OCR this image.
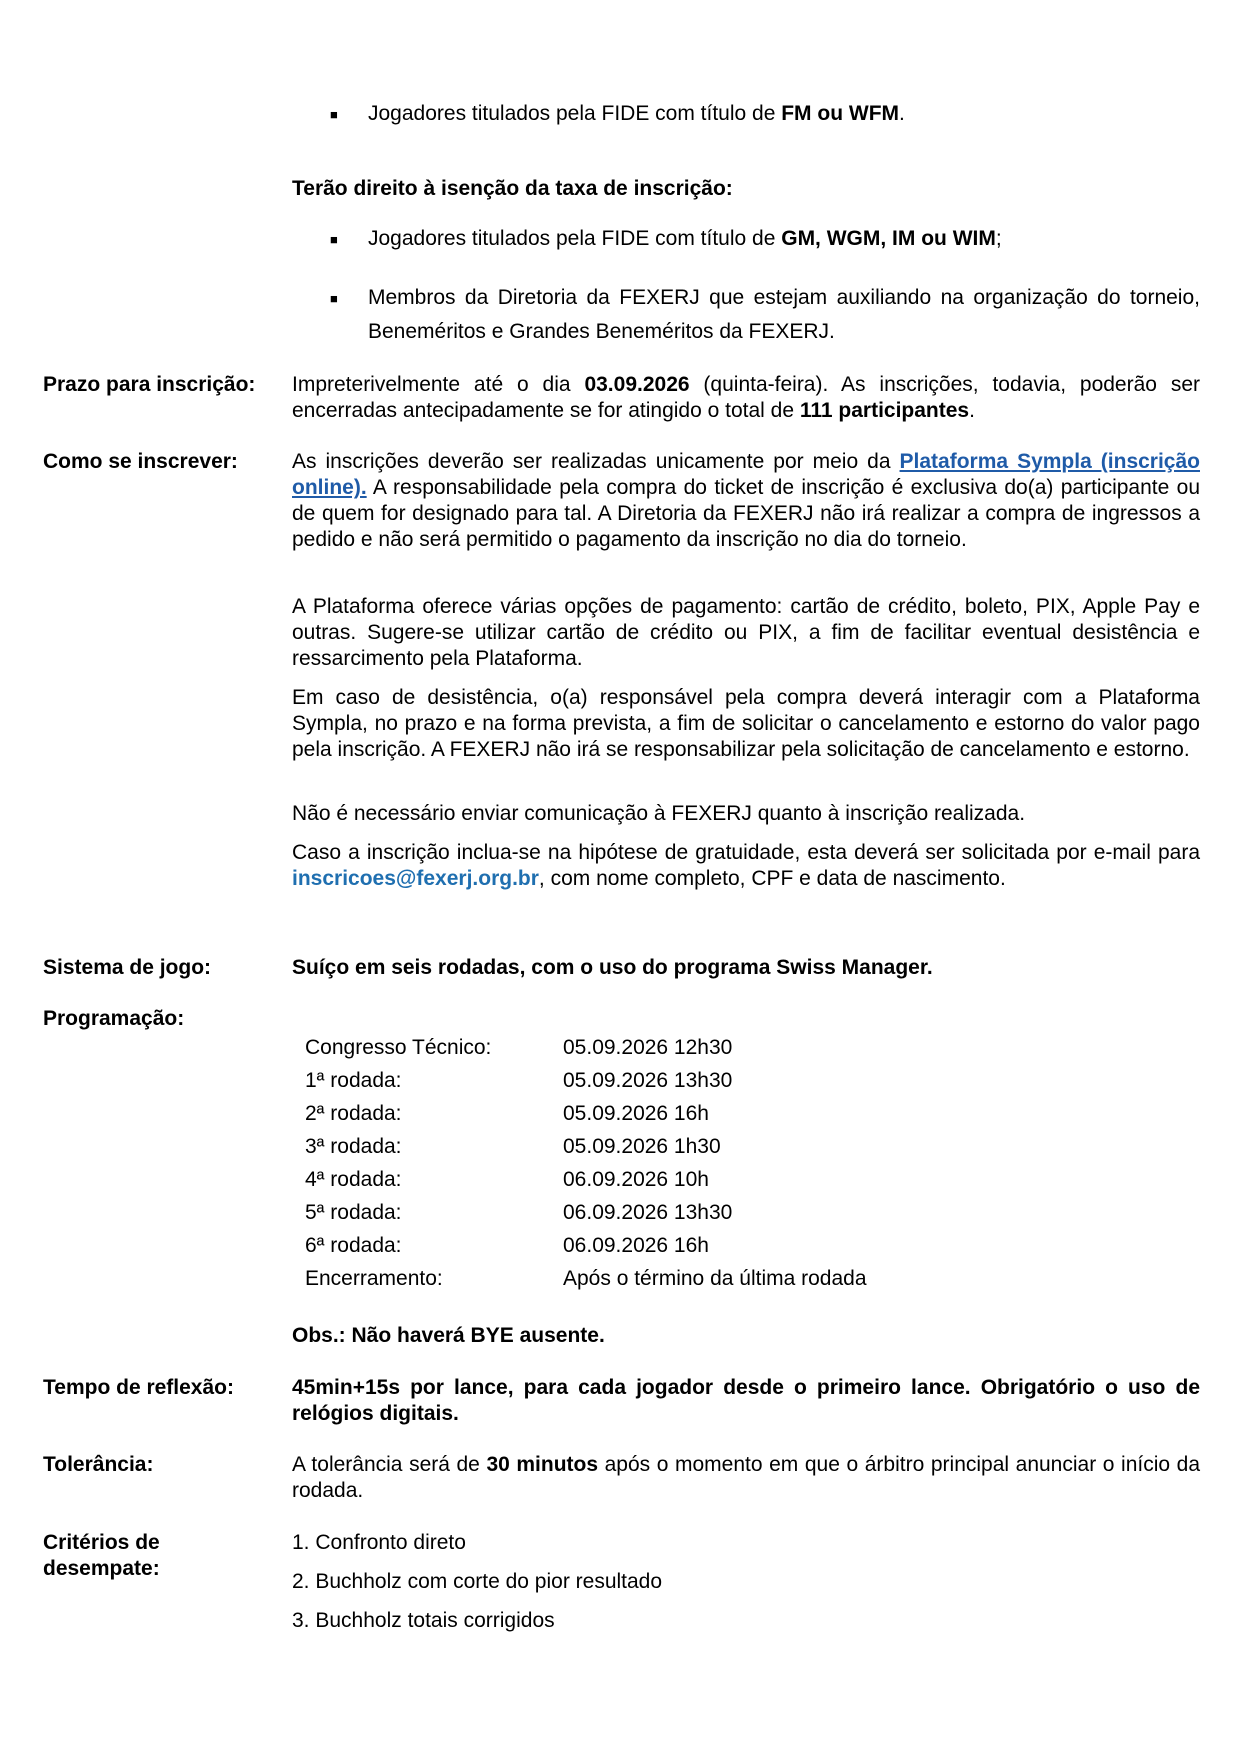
■ Jogadores titulados pela FIDE com título de FM ou WFM.
Terão direito à isenção da taxa de inscrição:
■ Jogadores titulados pela FIDE com título de GM, WGM, IM ou WIM;
■ Membros da Diretoria da FEXERJ que estejam auxiliando na organização do torneio, Beneméritos e Grandes Beneméritos da FEXERJ.
Prazo para inscrição:	Impreterivelmente até o dia 03.09.2026 (quinta-feira). As inscrições, todavia, poderão ser encerradas antecipadamente se for atingido o total de 111 participantes.
Como se inscrever:	As inscrições deverão ser realizadas unicamente por meio da Plataforma Sympla (inscrição online). A responsabilidade pela compra do ticket de inscrição é exclusiva do(a) participante ou de quem for designado para tal. A Diretoria da FEXERJ não irá realizar a compra de ingressos a pedido e não será permitido o pagamento da inscrição no dia do torneio.
A Plataforma oferece várias opções de pagamento: cartão de crédito, boleto, PIX, Apple Pay e outras. Sugere-se utilizar cartão de crédito ou PIX, a fim de facilitar eventual desistência e ressarcimento pela Plataforma.
Em caso de desistência, o(a) responsável pela compra deverá interagir com a Plataforma Sympla, no prazo e na forma prevista, a fim de solicitar o cancelamento e estorno do valor pago pela inscrição. A FEXERJ não irá se responsabilizar pela solicitação de cancelamento e estorno.
Não é necessário enviar comunicação à FEXERJ quanto à inscrição realizada.
Caso a inscrição inclua-se na hipótese de gratuidade, esta deverá ser solicitada por e-mail para inscricoes@fexerj.org.br, com nome completo, CPF e data de nascimento.
Sistema de jogo:	Suíço em seis rodadas, com o uso do programa Swiss Manager.
Programação:
Congresso Técnico:	05.09.2026 12h30
1ª rodada:	05.09.2026 13h30
2ª rodada:	05.09.2026 16h
3ª rodada:	05.09.2026 1h30
4ª rodada:	06.09.2026 10h
5ª rodada:	06.09.2026 13h30
6ª rodada:	06.09.2026 16h
Encerramento:	Após o término da última rodada
Obs.: Não haverá BYE ausente.
Tempo de reflexão:	45min+15s por lance, para cada jogador desde o primeiro lance. Obrigatório o uso de relógios digitais.
Tolerância:	A tolerância será de 30 minutos após o momento em que o árbitro principal anunciar o início da rodada.
Critérios de desempate:
1. Confronto direto
2. Buchholz com corte do pior resultado
3. Buchholz totais corrigidos
